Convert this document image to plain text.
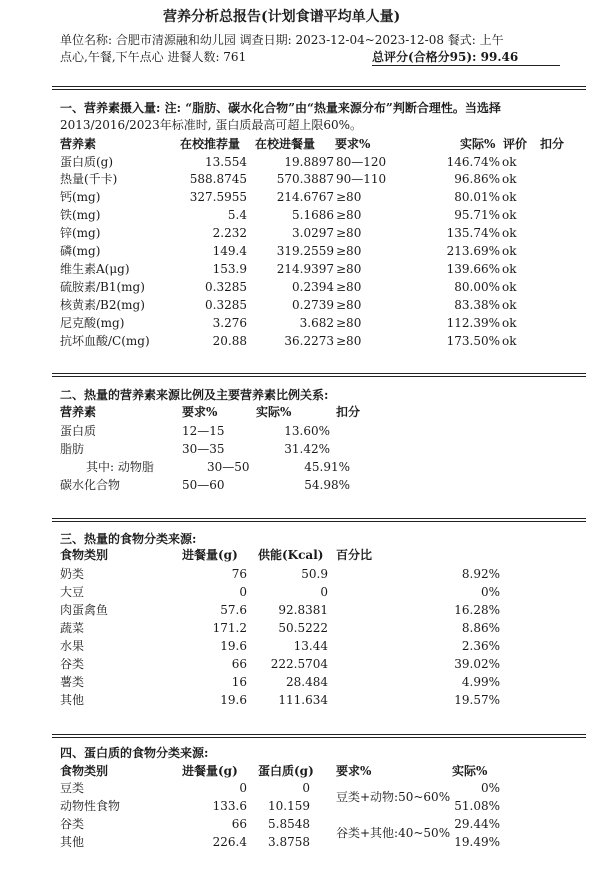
营养分析总报告(计划食谱平均单人量)
单位名称: 合肥市清源融和幼儿园 调查日期: 2023-12-04~2023-12-08 餐式: 上午
点心,午餐,下午点心 进餐人数: 761	总评分(合格分95): 99.46
一、营养素摄入量: 注: “脂肪、碳水化合物”由“热量来源分布”判断合理性。当选择
2013/2016/2023年标准时, 蛋白质最高可超上限60%。
营养素	在校推荐量 在校进餐量 要求%	实际% 评价 扣分
蛋白质(g)	13.554	19.8897 80—120	146.74% ok
热量(千卡)	588.8745	570.3887 90—110	96.86% ok
钙(mg)	327.5955	214.6767 ≥80	80.01% ok
铁(mg)	5.4	5.1686 ≥80	95.71% ok
锌(mg)	2.232	3.0297 ≥80	135.74% ok
磷(mg)	149.4	319.2559 ≥80	213.69% ok
维生素A(μg)	153.9	214.9397 ≥80	139.66% ok
硫胺素/B1(mg)	0.3285	0.2394 ≥80	80.00% ok
核黄素/B2(mg)	0.3285	0.2739 ≥80	83.38% ok
尼克酸(mg)	3.276	3.682 ≥80	112.39% ok
抗坏血酸/C(mg)	20.88	36.2273 ≥80	173.50% ok
二、热量的营养素来源比例及主要营养素比例关系:
营养素	要求%	实际%	扣分
蛋白质	12—15	13.60%
脂肪	30—35	31.42%
其中: 动物脂	30—50	45.91%
碳水化合物	50—60	54.98%
三、热量的食物分类来源:
食物类别	进餐量(g) 供能(Kcal) 百分比
奶类	76	50.9	8.92%
大豆	0	0	0%
肉蛋禽鱼	57.6	92.8381	16.28%
蔬菜	171.2	50.5222	8.86%
水果	19.6	13.44	2.36%
谷类	66	222.5704	39.02%
薯类	16	28.484	4.99%
其他	19.6	111.634	19.57%
四、蛋白质的食物分类来源:
食物类别	进餐量(g) 蛋白质(g) 要求%	实际%
豆类	0	0	0%
动物性食物	133.6	10.159	51.08%
谷类	66	5.8548	29.44%
其他	226.4	3.8758	19.49%
豆类+动物:50~60%
谷类+其他:40~50%
